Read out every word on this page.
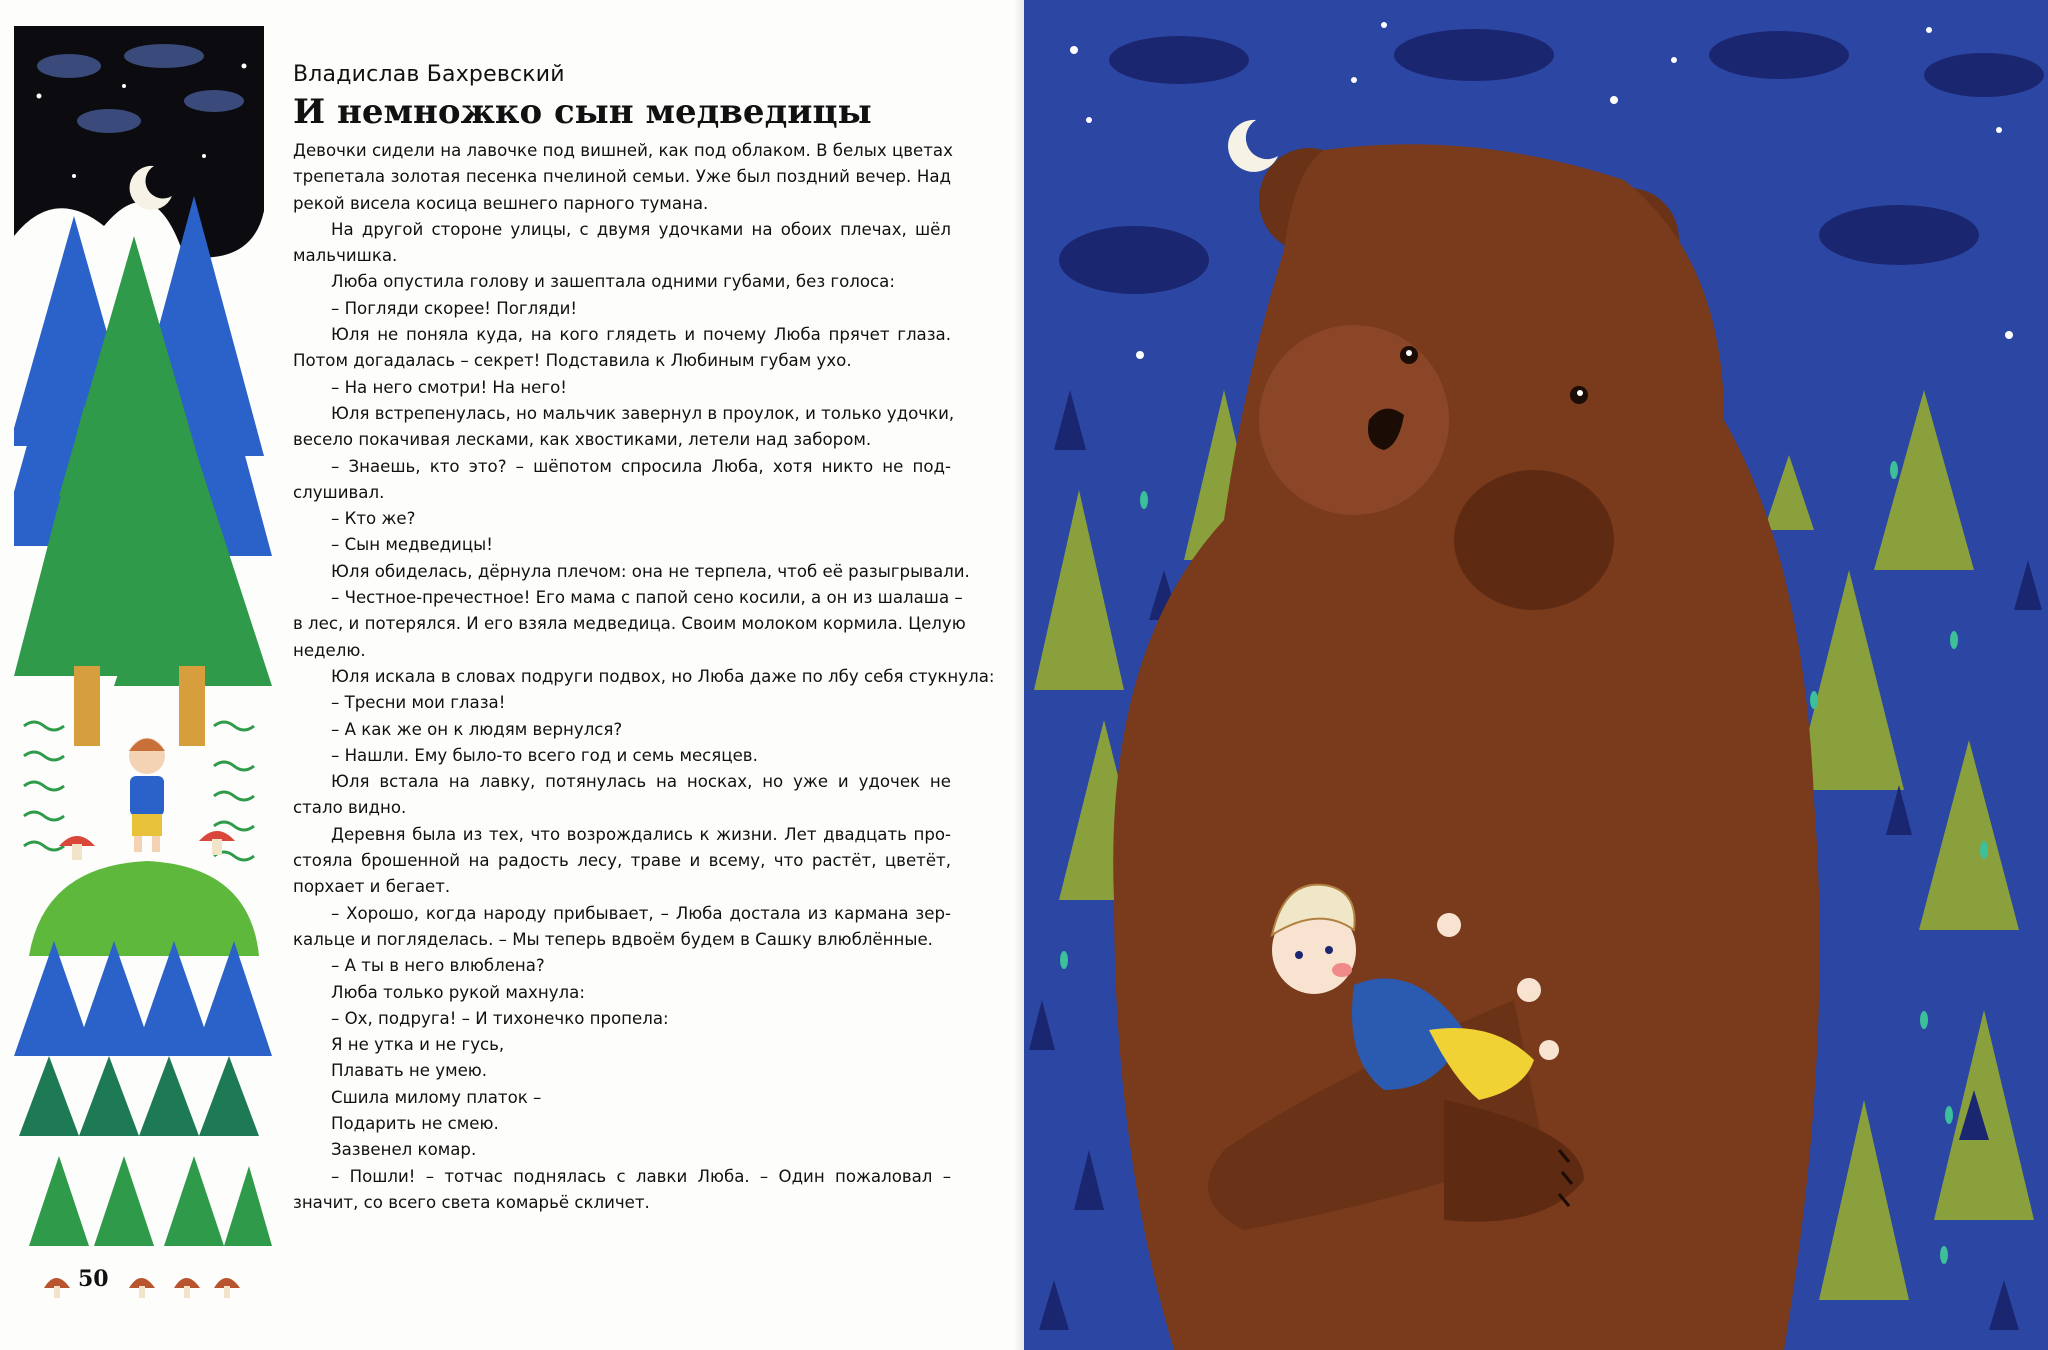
50

Владислав Бахревский

И немножко сын медведицы
Девочки сидели на лавочке под вишней, как под облаком. В белых цветах
трепетала золотая песенка пчелиной семьи. Уже был поздний вечер. Над
рекой висела косица вешнего парного тумана.
На другой стороне улицы, с двумя удочками на обоих плечах, шёл
мальчишка.
Люба опустила голову и зашептала одними губами, без голоса:
– Погляди скорее! Погляди!
Юля не поняла куда, на кого глядеть и почему Люба прячет глаза.
Потом догадалась – секрет! Подставила к Любиным губам ухо.
– На него смотри! На него!
Юля встрепенулась, но мальчик завернул в проулок, и только удочки,
весело покачивая лесками, как хвостиками, летели над забором.
– Знаешь, кто это? – шёпотом спросила Люба, хотя никто не под-
слушивал.
– Кто же?
– Сын медведицы!
Юля обиделась, дёрнула плечом: она не терпела, чтоб её разыгрывали.
– Честное-пречестное! Его мама с папой сено косили, а он из шалаша –
в лес, и потерялся. И его взяла медведица. Своим молоком кормила. Целую
неделю.
Юля искала в словах подруги подвох, но Люба даже по лбу себя стукнула:
– Тресни мои глаза!
– А как же он к людям вернулся?
– Нашли. Ему было-то всего год и семь месяцев.
Юля встала на лавку, потянулась на носках, но уже и удочек не
стало видно.
Деревня была из тех, что возрождались к жизни. Лет двадцать про-
стояла брошенной на радость лесу, траве и всему, что растёт, цветёт,
порхает и бегает.
– Хорошо, когда народу прибывает, – Люба достала из кармана зер-
кальце и погляделась. – Мы теперь вдвоём будем в Сашку влюблённые.
– А ты в него влюблена?
Люба только рукой махнула:
– Ох, подруга! – И тихонечко пропела:
Я не утка и не гусь,
Плавать не умею.
Сшила милому платок –
Подарить не смею.
Зазвенел комар.
– Пошли! – тотчас поднялась с лавки Люба. – Один пожаловал –
значит, со всего света комарьё скличет.
